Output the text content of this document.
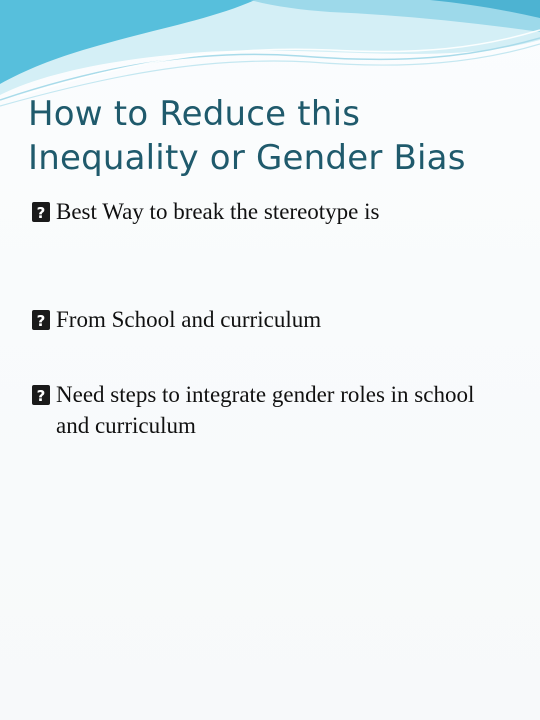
How to Reduce this
Inequality or Gender Bias
?
Best Way to break the stereotype is
?
From School and curriculum
?
Need steps to integrate gender roles in school and curriculum
